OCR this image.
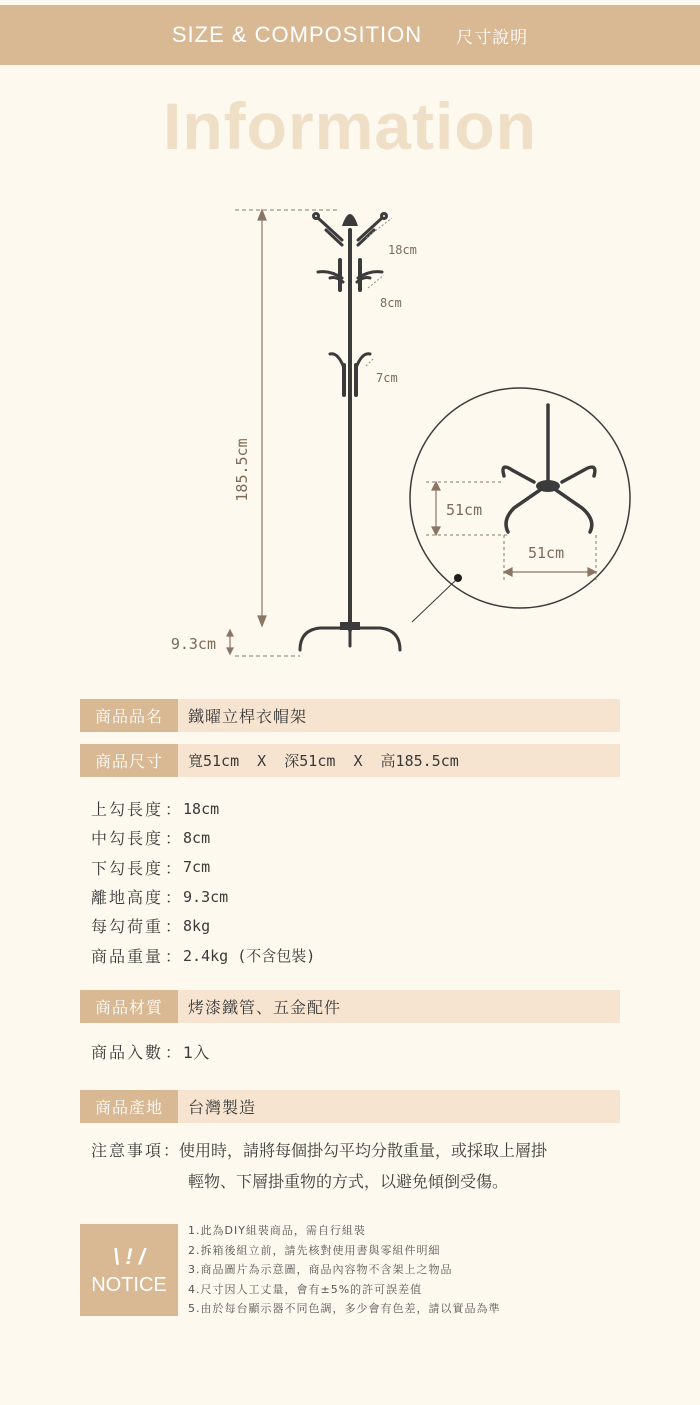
SIZE & COMPOSITION 尺寸說明
Information
18cm
8cm
7cm
185.5cm
9.3cm
51cm
51cm
商品品名	鐵曜立桿衣帽架
商品尺寸	寬51cm  X  深51cm  X  高185.5cm
上勾長度 ： 18cm
中勾長度 ： 8cm
下勾長度 ： 7cm
離地高度 ： 9.3cm
每勾荷重 ： 8kg
商品重量 ： 2.4kg (不含包裝)
商品材質	烤漆鐵管、五金配件
商品入數 ： 1入
商品產地	台灣製造
注意事項：使用時，請將每個掛勾平均分散重量，或採取上層掛
輕物、下層掛重物的方式，以避免傾倒受傷。
\ ! /
NOTICE
1.此為DIY組裝商品，需自行組裝
2.拆箱後組立前，請先核對使用書與零組件明細
3.商品圖片為示意圖，商品內容物不含架上之物品
4.尺寸因人工丈量，會有±5%的許可誤差值
5.由於每台顯示器不同色調，多少會有色差，請以實品為準
